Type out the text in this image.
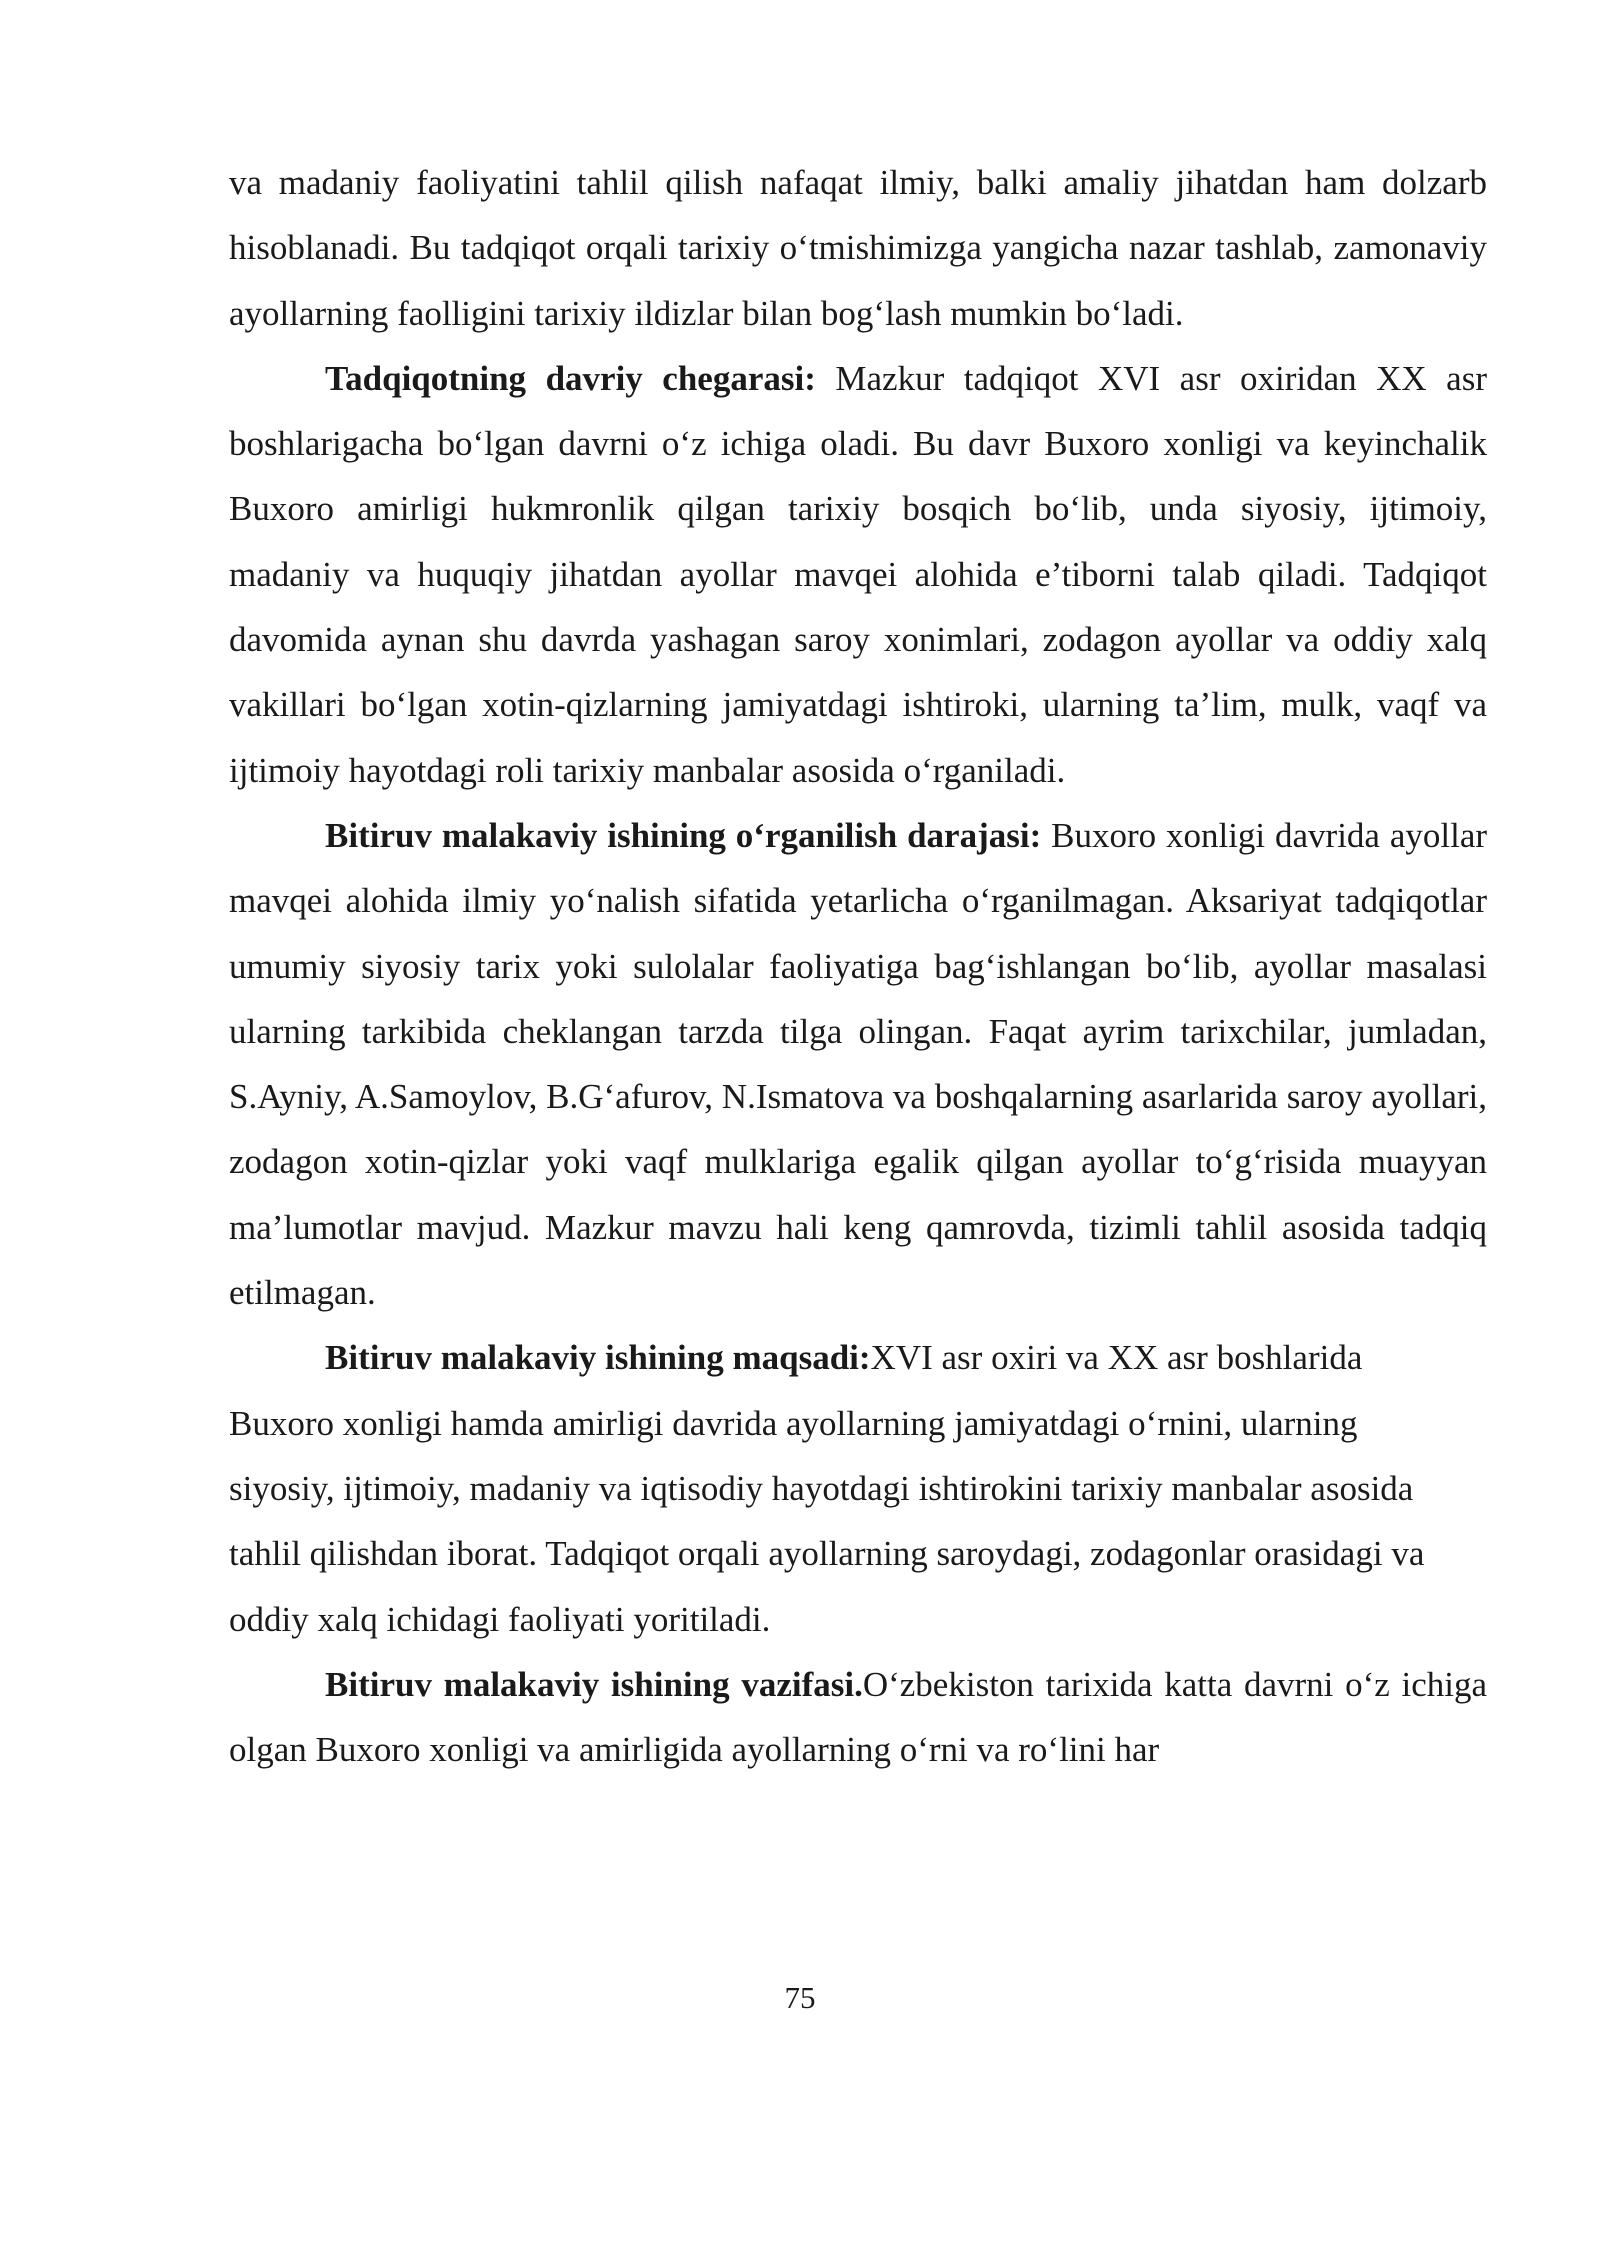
va madaniy faoliyatini tahlil qilish nafaqat ilmiy, balki amaliy jihatdan ham dolzarb hisoblanadi. Bu tadqiqot orqali tarixiy o‘tmishimizga yangicha nazar tashlab, zamonaviy ayollarning faolligini tarixiy ildizlar bilan bog‘lash mumkin bo‘ladi.

Tadqiqotning davriy chegarasi: Mazkur tadqiqot XVI asr oxiridan XX asr boshlarigacha bo‘lgan davrni o‘z ichiga oladi. Bu davr Buxoro xonligi va keyinchalik Buxoro amirligi hukmronlik qilgan tarixiy bosqich bo‘lib, unda siyosiy, ijtimoiy, madaniy va huquqiy jihatdan ayollar mavqei alohida e’tiborni talab qiladi. Tadqiqot davomida aynan shu davrda yashagan saroy xonimlari, zodagon ayollar va oddiy xalq vakillari bo‘lgan xotin-qizlarning jamiyatdagi ishtiroki, ularning ta’lim, mulk, vaqf va ijtimoiy hayotdagi roli tarixiy manbalar asosida o‘rganiladi.

Bitiruv malakaviy ishining o‘rganilish darajasi: Buxoro xonligi davrida ayollar mavqei alohida ilmiy yo‘nalish sifatida yetarlicha o‘rganilmagan. Aksariyat tadqiqotlar umumiy siyosiy tarix yoki sulolalar faoliyatiga bag‘ishlangan bo‘lib, ayollar masalasi ularning tarkibida cheklangan tarzda tilga olingan. Faqat ayrim tarixchilar, jumladan, S.Ayniy, A.Samoylov, B.G‘afurov, N.Ismatova va boshqalarning asarlarida saroy ayollari, zodagon xotin-qizlar yoki vaqf mulklariga egalik qilgan ayollar to‘g‘risida muayyan ma’lumotlar mavjud. Mazkur mavzu hali keng qamrovda, tizimli tahlil asosida tadqiq etilmagan.

Bitiruv malakaviy ishining maqsadi:XVI asr oxiri va XX asr boshlarida Buxoro xonligi hamda amirligi davrida ayollarning jamiyatdagi o‘rnini, ularning siyosiy, ijtimoiy, madaniy va iqtisodiy hayotdagi ishtirokini tarixiy manbalar asosida tahlil qilishdan iborat. Tadqiqot orqali ayollarning saroydagi, zodagonlar orasidagi va oddiy xalq ichidagi faoliyati yoritiladi.

Bitiruv malakaviy ishining vazifasi.O‘zbekiston tarixida katta davrni o‘z ichiga olgan Buxoro xonligi va amirligida ayollarning o‘rni va ro‘lini har

75
